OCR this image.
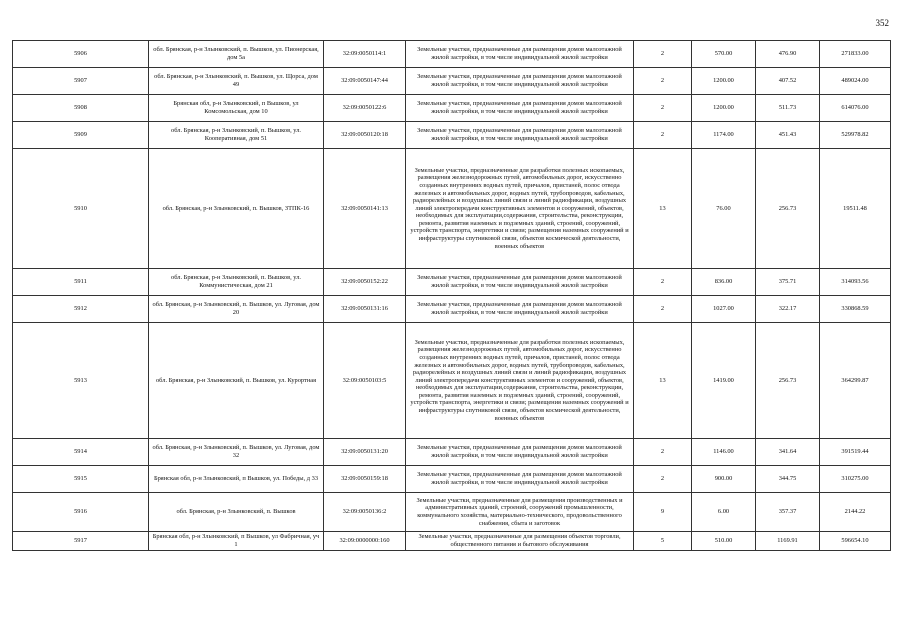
352
5906	обл. Брянская, р-н Злынковский, п. Вышков, ул. Пионерская, дом 5а	32:09:0050114:1	Земельные участки, предназначенные для размещения домов малоэтажной жилой застройки, в том числе индивидуальной жилой застройки	2	570.00	476.90	271833.00
5907	обл. Брянская, р-н Злынковский, п. Вышков, ул. Щорса, дом 49	32:09:0050147:44	Земельные участки, предназначенные для размещения домов малоэтажной жилой застройки, в том числе индивидуальной жилой застройки	2	1200.00	407.52	489024.00
5908	Брянская обл, р-н Злынковский, п Вышков, ул Комсомольская, дом 10	32:09:0050122:6	Земельные участки, предназначенные для размещения домов малоэтажной жилой застройки, в том числе индивидуальной жилой застройки	2	1200.00	511.73	614076.00
5909	обл. Брянская, р-н Злынковский, п. Вышков, ул. Кооперативная, дом 51	32:09:0050120:18	Земельные участки, предназначенные для размещения домов малоэтажной жилой застройки, в том числе индивидуальной жилой застройки	2	1174.00	451.43	529978.82
5910	обл. Брянская, р-н Злынковский, п. Вышков, ЗТПК-16	32:09:0050141:13	Земельные участки, предназначенные для разработки полезных ископаемых, размещения железнодорожных путей, автомобильных дорог, искусственно созданных внутренних водных путей, причалов, пристаней, полос отвода железных и автомобильных дорог, водных путей, трубопроводов, кабельных, радиорелейных и воздушных линий связи и линий радиофикации, воздушных линий электропередачи конструктивных элементов и сооружений, объектов, необходимых для эксплуатации,содержания, строительства, реконструкции, ремонта, развития наземных и подземных зданий, строений, сооружений, устройств транспорта, энергетики и связи; размещения наземных сооружений и инфраструктуры спутниковой связи, объектов космической деятельности, военных объектов	13	76.00	256.73	19511.48
5911	обл. Брянская, р-н Злынковский, п. Вышков, ул. Коммунистическая, дом 21	32:09:0050152:22	Земельные участки, предназначенные для размещения домов малоэтажной жилой застройки, в том числе индивидуальной жилой застройки	2	836.00	375.71	314093.56
5912	обл. Брянская, р-н Злынковский, п. Вышков, ул. Луговая, дом 20	32:09:0050131:16	Земельные участки, предназначенные для размещения домов малоэтажной жилой застройки, в том числе индивидуальной жилой застройки	2	1027.00	322.17	330868.59
5913	обл. Брянская, р-н Злынковский, п. Вышков, ул. Курортная	32:09:0050103:5	Земельные участки, предназначенные для разработки полезных ископаемых, размещения железнодорожных путей, автомобильных дорог, искусственно созданных внутренних водных путей, причалов, пристаней, полос отвода железных и автомобильных дорог, водных путей, трубопроводов, кабельных, радиорелейных и воздушных линий связи и линий радиофикации, воздушных линий электропередачи конструктивных элементов и сооружений, объектов, необходимых для эксплуатации,содержания, строительства, реконструкции, ремонта, развития наземных и подземных зданий, строений, сооружений, устройств транспорта, энергетики и связи; размещения наземных сооружений и инфраструктуры спутниковой связи, объектов космической деятельности, военных объектов	13	1419.00	256.73	364299.87
5914	обл. Брянская, р-н Злынковский, п. Вышков, ул. Луговая, дом 32	32:09:0050131:20	Земельные участки, предназначенные для размещения домов малоэтажной жилой застройки, в том числе индивидуальной жилой застройки	2	1146.00	341.64	391519.44
5915	Брянская обл, р-н Злынковский, п Вышков, ул. Победы, д 33	32:09:0050159:18	Земельные участки, предназначенные для размещения домов малоэтажной жилой застройки, в том числе индивидуальной жилой застройки	2	900.00	344.75	310275.00
5916	обл. Брянская, р-н Злынковский, п. Вышков	32:09:0050136:2	Земельные участки, предназначенные для размещения производственных и административных зданий, строений, сооружений промышленности, коммунального хозяйства, материально-технического, продовольственного снабжения, сбыта и заготовок	9	6.00	357.37	2144.22
5917	Брянская обл, р-н Злынковский, п Вышков, ул Фабричная, уч 1	32:09:0000000:160	Земельные участки, предназначенные для размещения объектов торговли, общественного питания и бытового обслуживания	5	510.00	1169.91	596654.10
